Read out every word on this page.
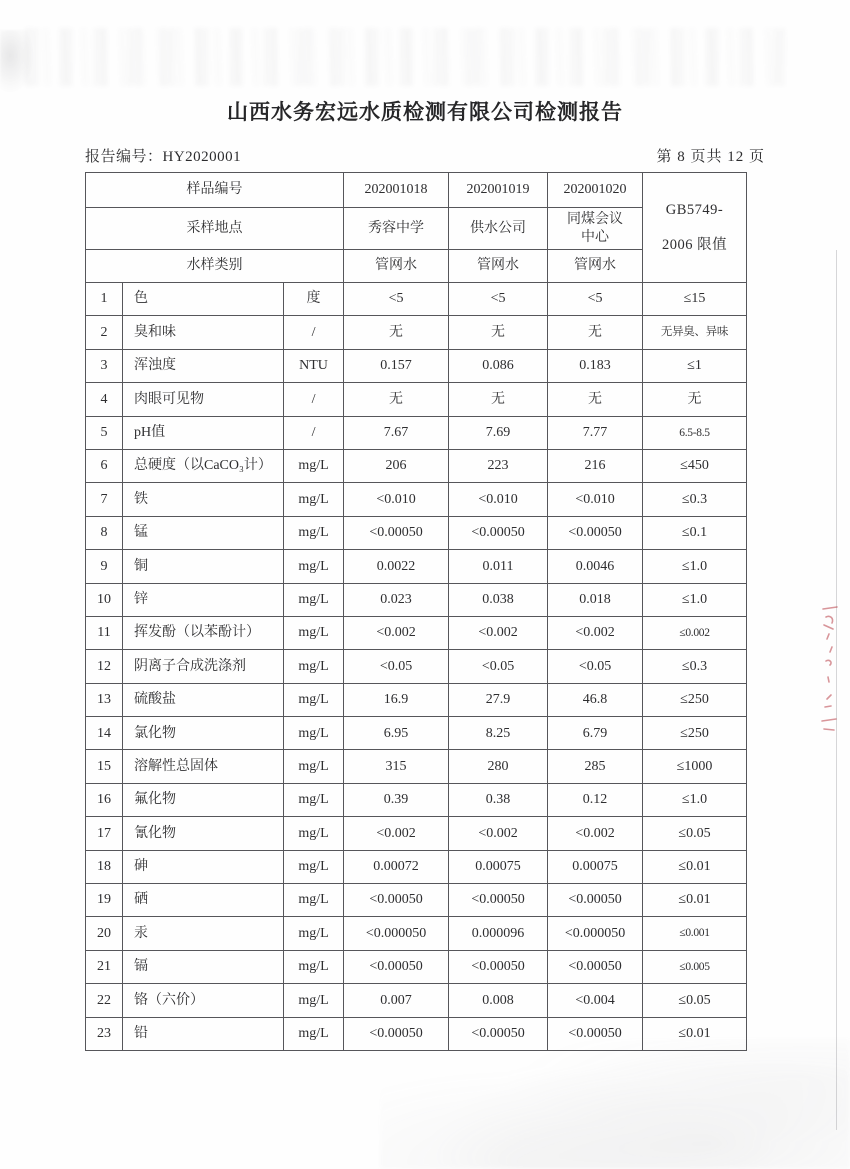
山西水务宏远水质检测有限公司检测报告
报告编号：HY2020001	第 8 页共 12 页
样品编号			202001018	202001019	202001020	GB5749-
2006 限值

采样地点			秀容中学	供水公司	同煤会议中心	
水样类别			管网水	管网水	管网水	
1	色	度	<5	<5	<5	≤15
2	臭和味	/	无	无	无	无异臭、异味
3	浑浊度	NTU	0.157	0.086	0.183	≤1
4	肉眼可见物	/	无	无	无	无
5	pH值	/	7.67	7.69	7.77	6.5-8.5
6	总硬度（以CaCO₃计）	mg/L	206	223	216	≤450
7	铁	mg/L	<0.010	<0.010	<0.010	≤0.3
8	锰	mg/L	<0.00050	<0.00050	<0.00050	≤0.1
9	铜	mg/L	0.0022	0.011	0.0046	≤1.0
10	锌	mg/L	0.023	0.038	0.018	≤1.0
11	挥发酚（以苯酚计）	mg/L	<0.002	<0.002	<0.002	≤0.002
12	阴离子合成洗涤剂	mg/L	<0.05	<0.05	<0.05	≤0.3
13	硫酸盐	mg/L	16.9	27.9	46.8	≤250
14	氯化物	mg/L	6.95	8.25	6.79	≤250
15	溶解性总固体	mg/L	315	280	285	≤1000
16	氟化物	mg/L	0.39	0.38	0.12	≤1.0
17	氰化物	mg/L	<0.002	<0.002	<0.002	≤0.05
18	砷	mg/L	0.00072	0.00075	0.00075	≤0.01
19	硒	mg/L	<0.00050	<0.00050	<0.00050	≤0.01
20	汞	mg/L	<0.000050	0.000096	<0.000050	≤0.001
21	镉	mg/L	<0.00050	<0.00050	<0.00050	≤0.005
22	铬（六价）	mg/L	0.007	0.008	<0.004	≤0.05
23	铅	mg/L	<0.00050	<0.00050	<0.00050	≤0.01
